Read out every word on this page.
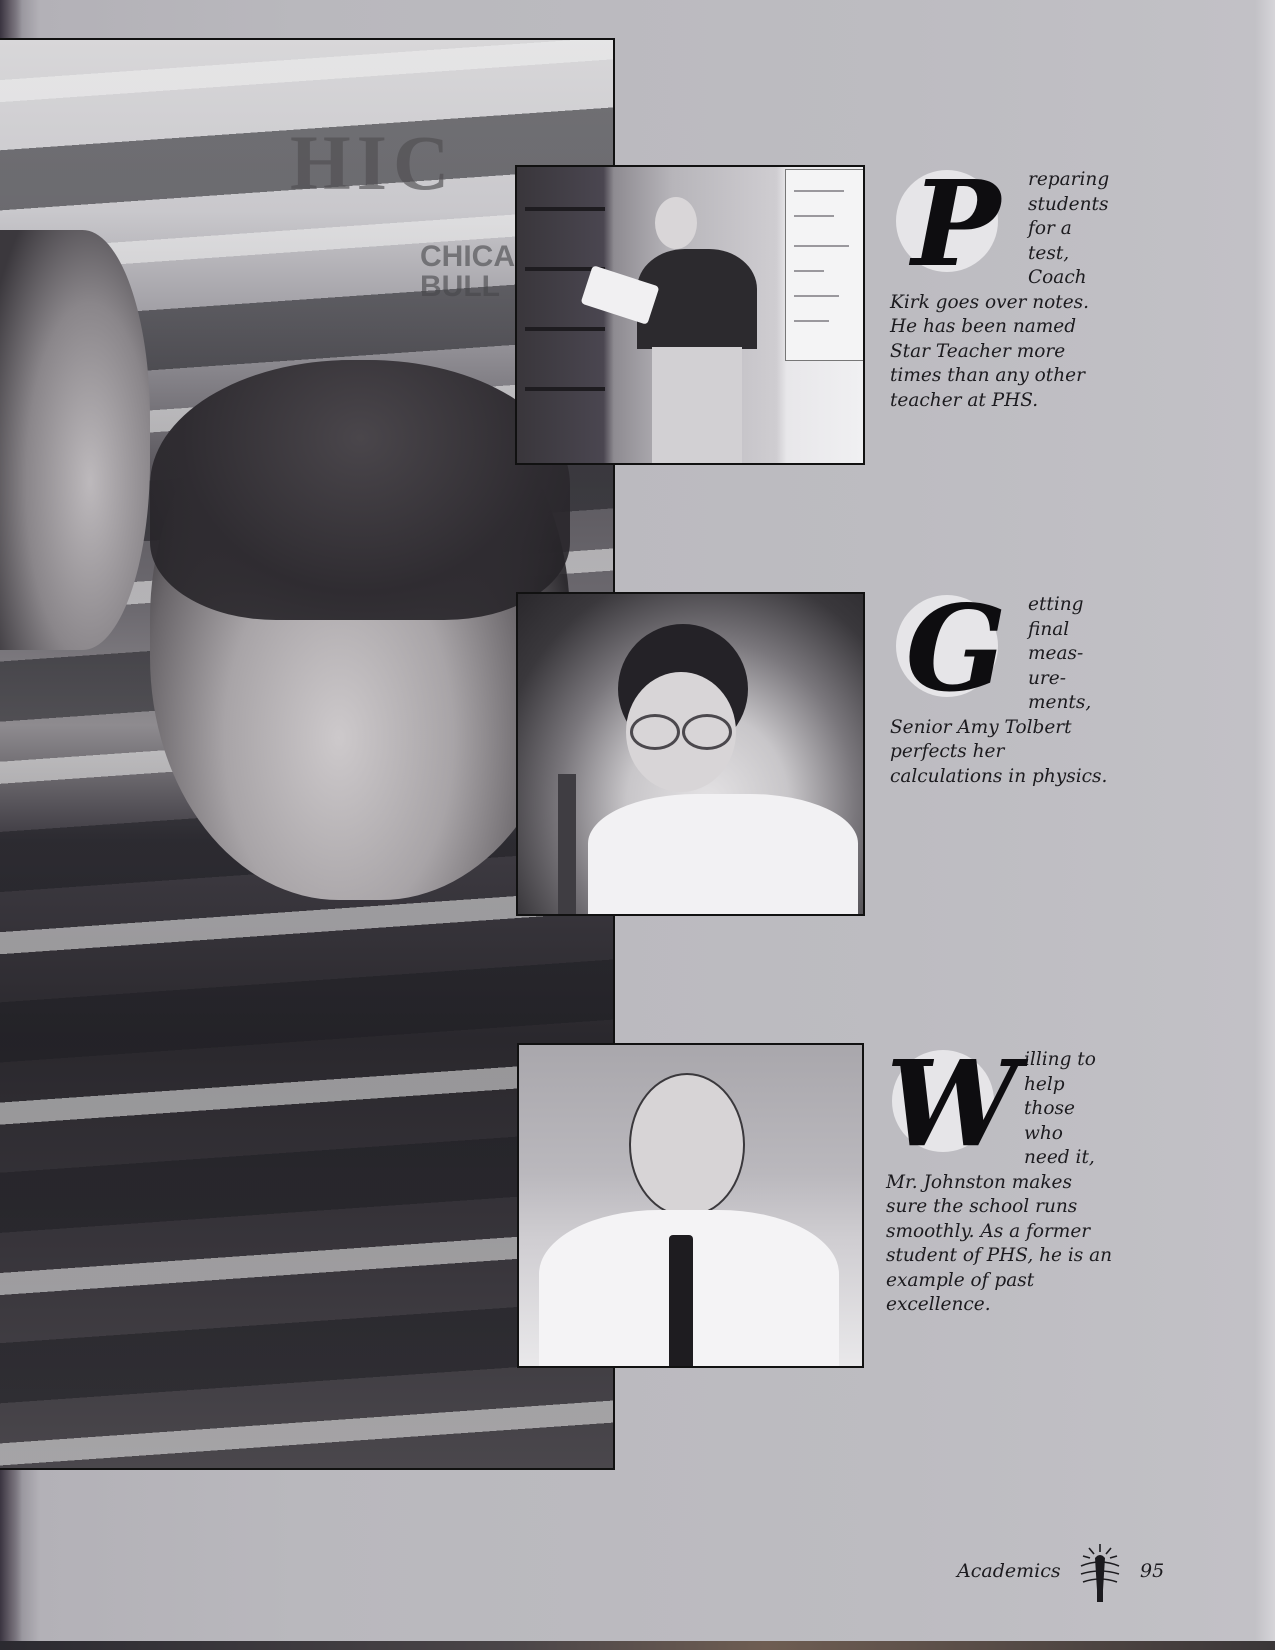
HIC
CHICA
BULL	P	reparing students for a test, Coach Kirk goes over notes. He has been named Star Teacher more times than any other teacher at PHS.
G	etting final meas-ure-ments, Senior Amy Tolbert perfects her calculations in physics.
W illing to help those who need it, Mr. Johnston makes sure the school runs smoothly. As a former student of PHS, he is an example of past excellence.
Academics	95
